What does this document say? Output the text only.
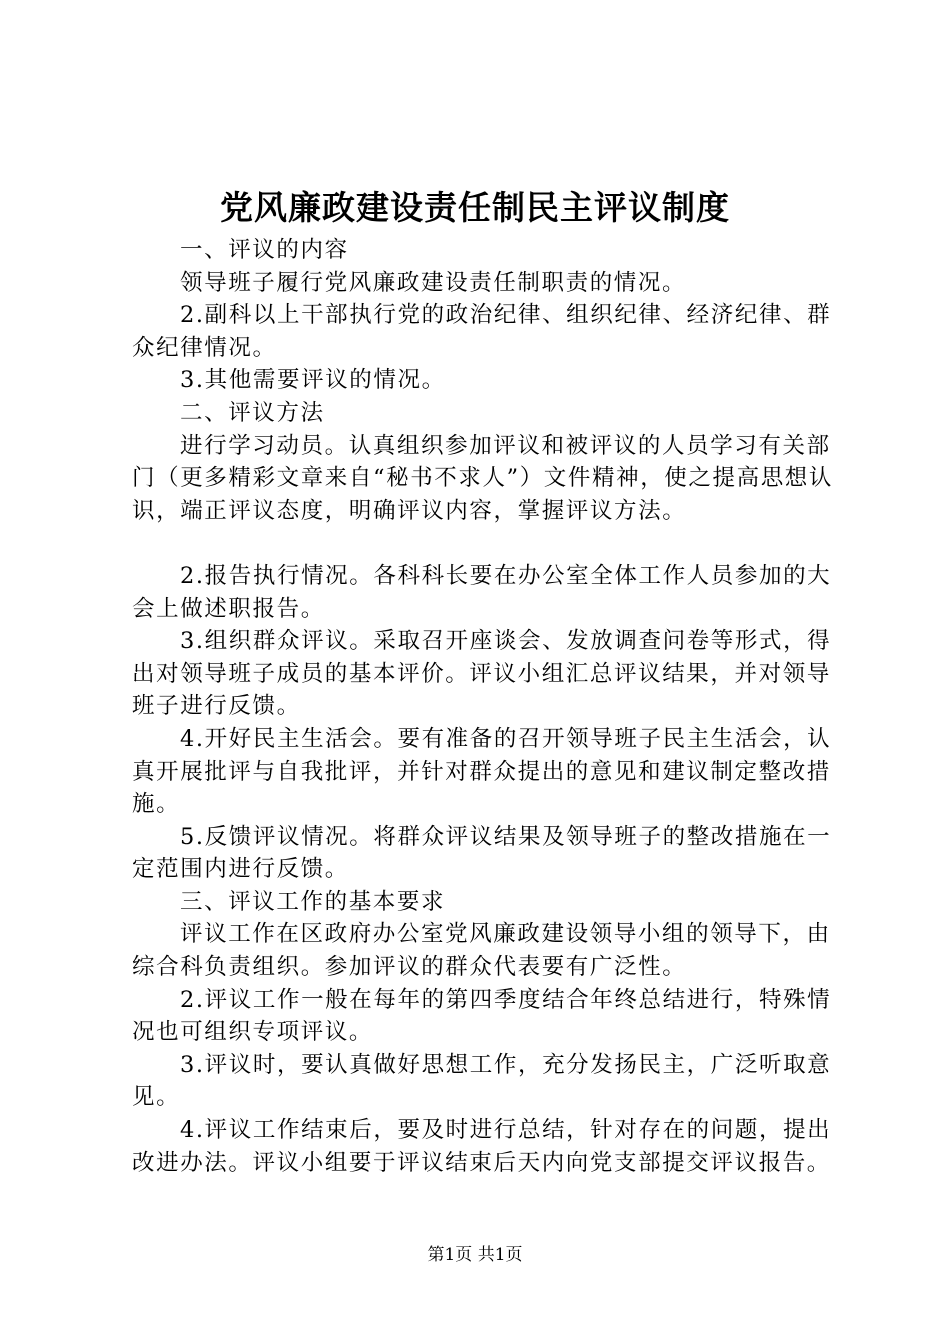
党风廉政建设责任制民主评议制度

一、评议的内容

领导班子履行党风廉政建设责任制职责的情况。

2.副科以上干部执行党的政治纪律、组织纪律、经济纪律、群众纪律情况。

3.其他需要评议的情况。

二、评议方法

进行学习动员。认真组织参加评议和被评议的人员学习有关部门（更多精彩文章来自“秘书不求人”）文件精神，使之提高思想认识，端正评议态度，明确评议内容，掌握评议方法。

2.报告执行情况。各科科长要在办公室全体工作人员参加的大会上做述职报告。

3.组织群众评议。采取召开座谈会、发放调查问卷等形式，得出对领导班子成员的基本评价。评议小组汇总评议结果，并对领导班子进行反馈。

4.开好民主生活会。要有准备的召开领导班子民主生活会，认真开展批评与自我批评，并针对群众提出的意见和建议制定整改措施。

5.反馈评议情况。将群众评议结果及领导班子的整改措施在一定范围内进行反馈。

三、评议工作的基本要求

评议工作在区政府办公室党风廉政建设领导小组的领导下，由综合科负责组织。参加评议的群众代表要有广泛性。

2.评议工作一般在每年的第四季度结合年终总结进行，特殊情况也可组织专项评议。

3.评议时，要认真做好思想工作，充分发扬民主，广泛听取意见。

4.评议工作结束后，要及时进行总结，针对存在的问题，提出改进办法。评议小组要于评议结束后天内向党支部提交评议报告。

第1页 共1页
